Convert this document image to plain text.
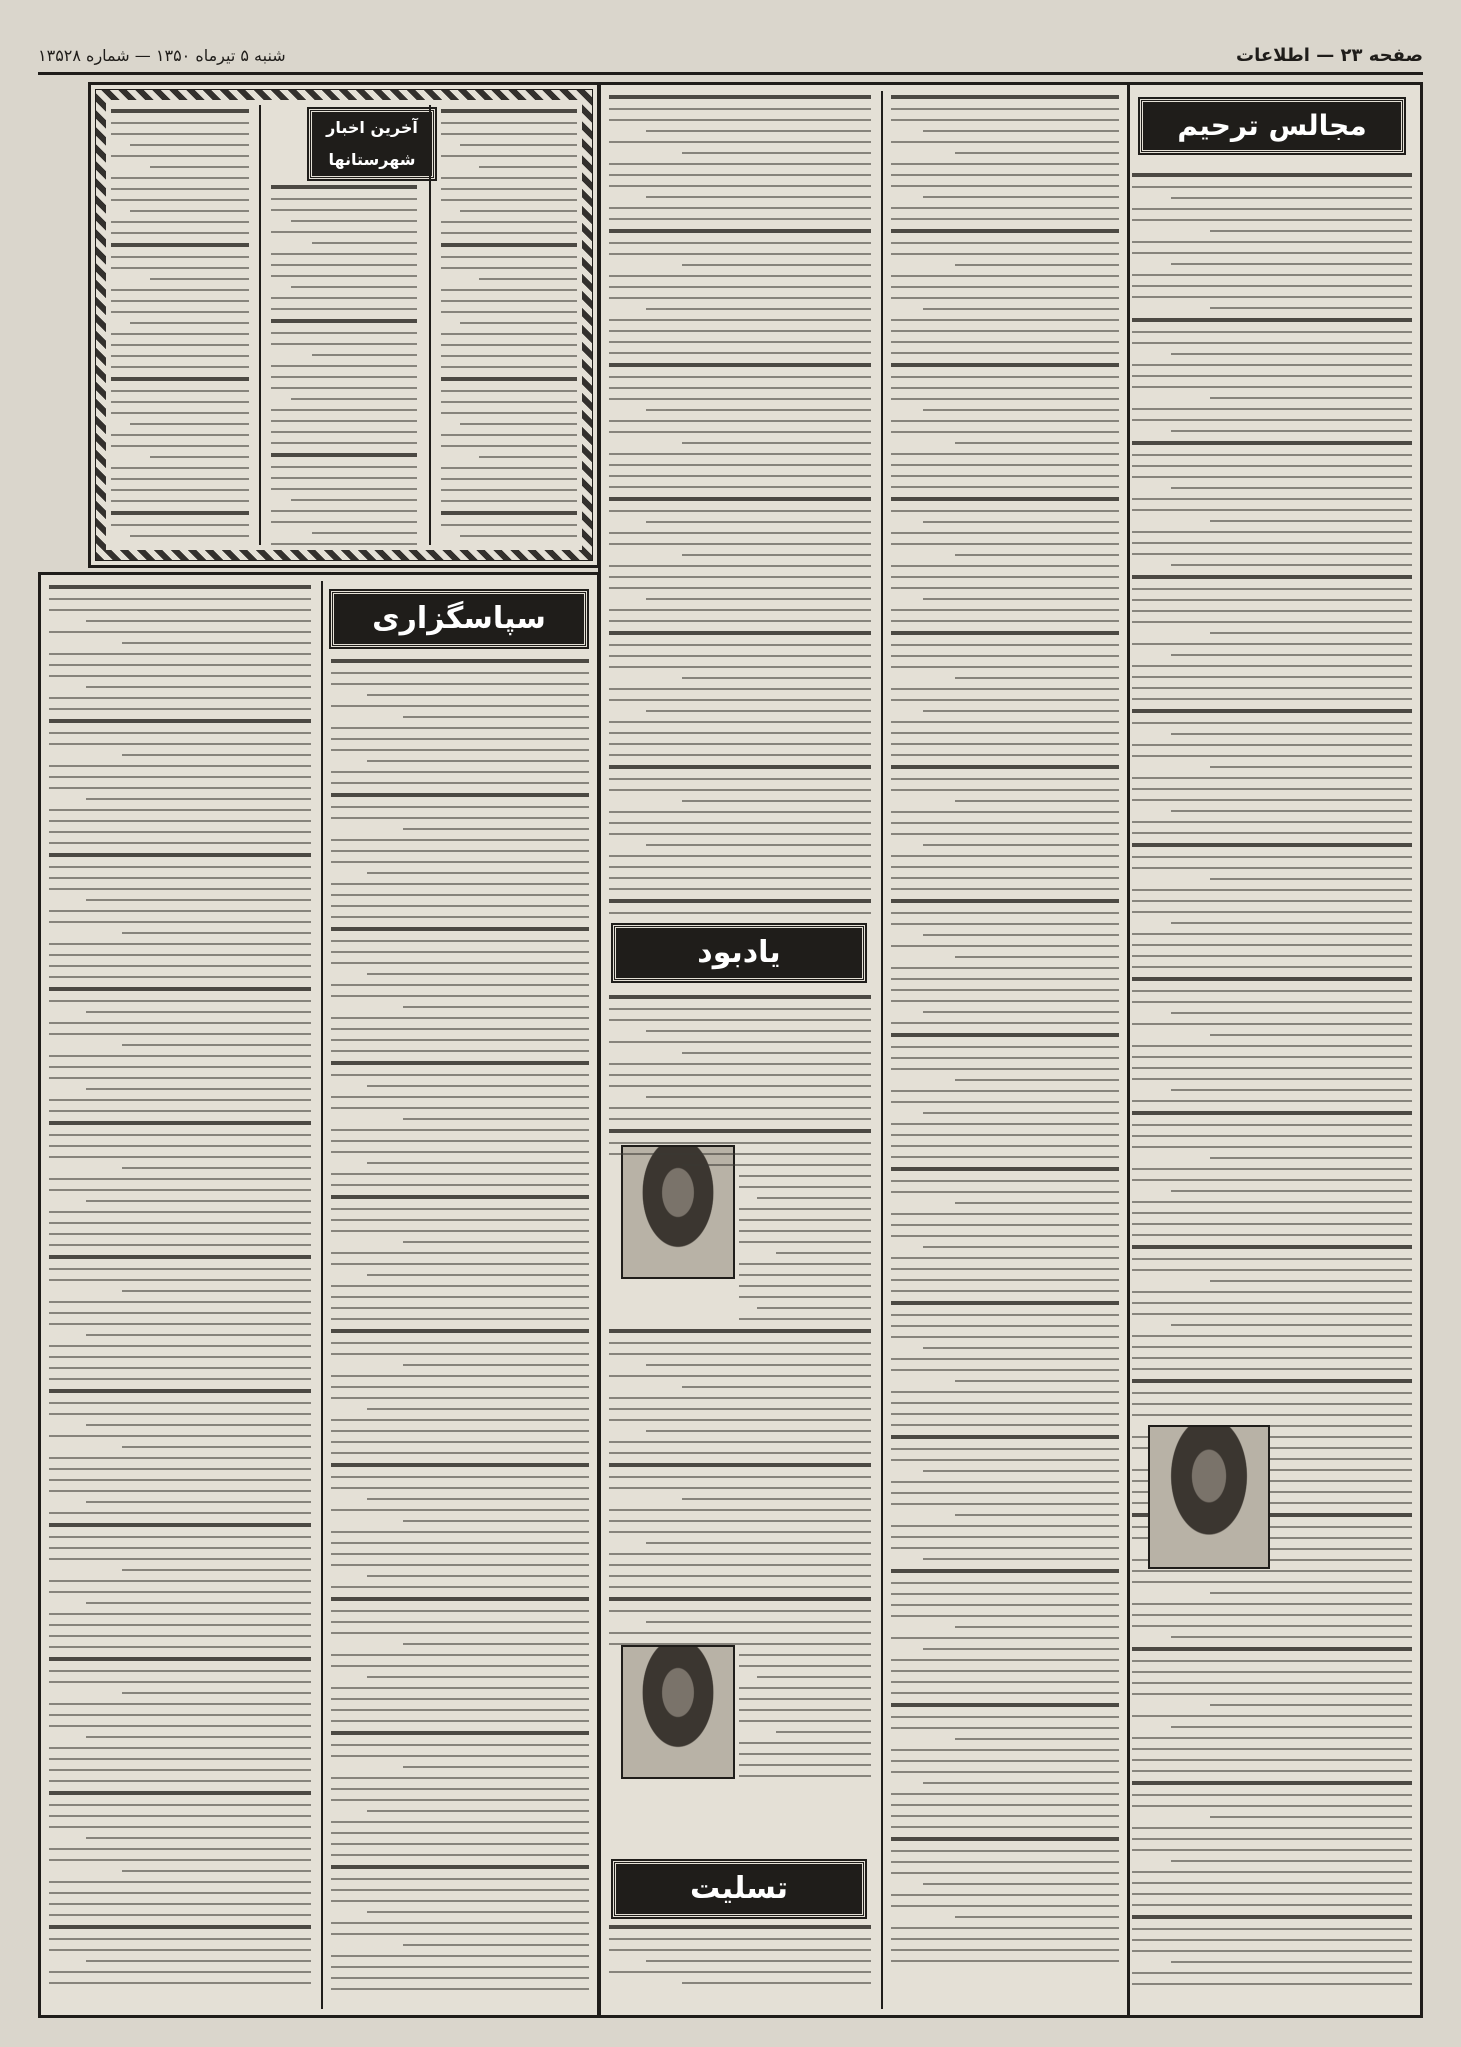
صفحه ۲۳ — اطلاعات
شنبه ۵ تیرماه ۱۳۵۰ — شماره ۱۳۵۲۸
مجالس ترحیم
یادبود
تسلیت
آخرین اخبار شهرستانها
سپاسگزاری
